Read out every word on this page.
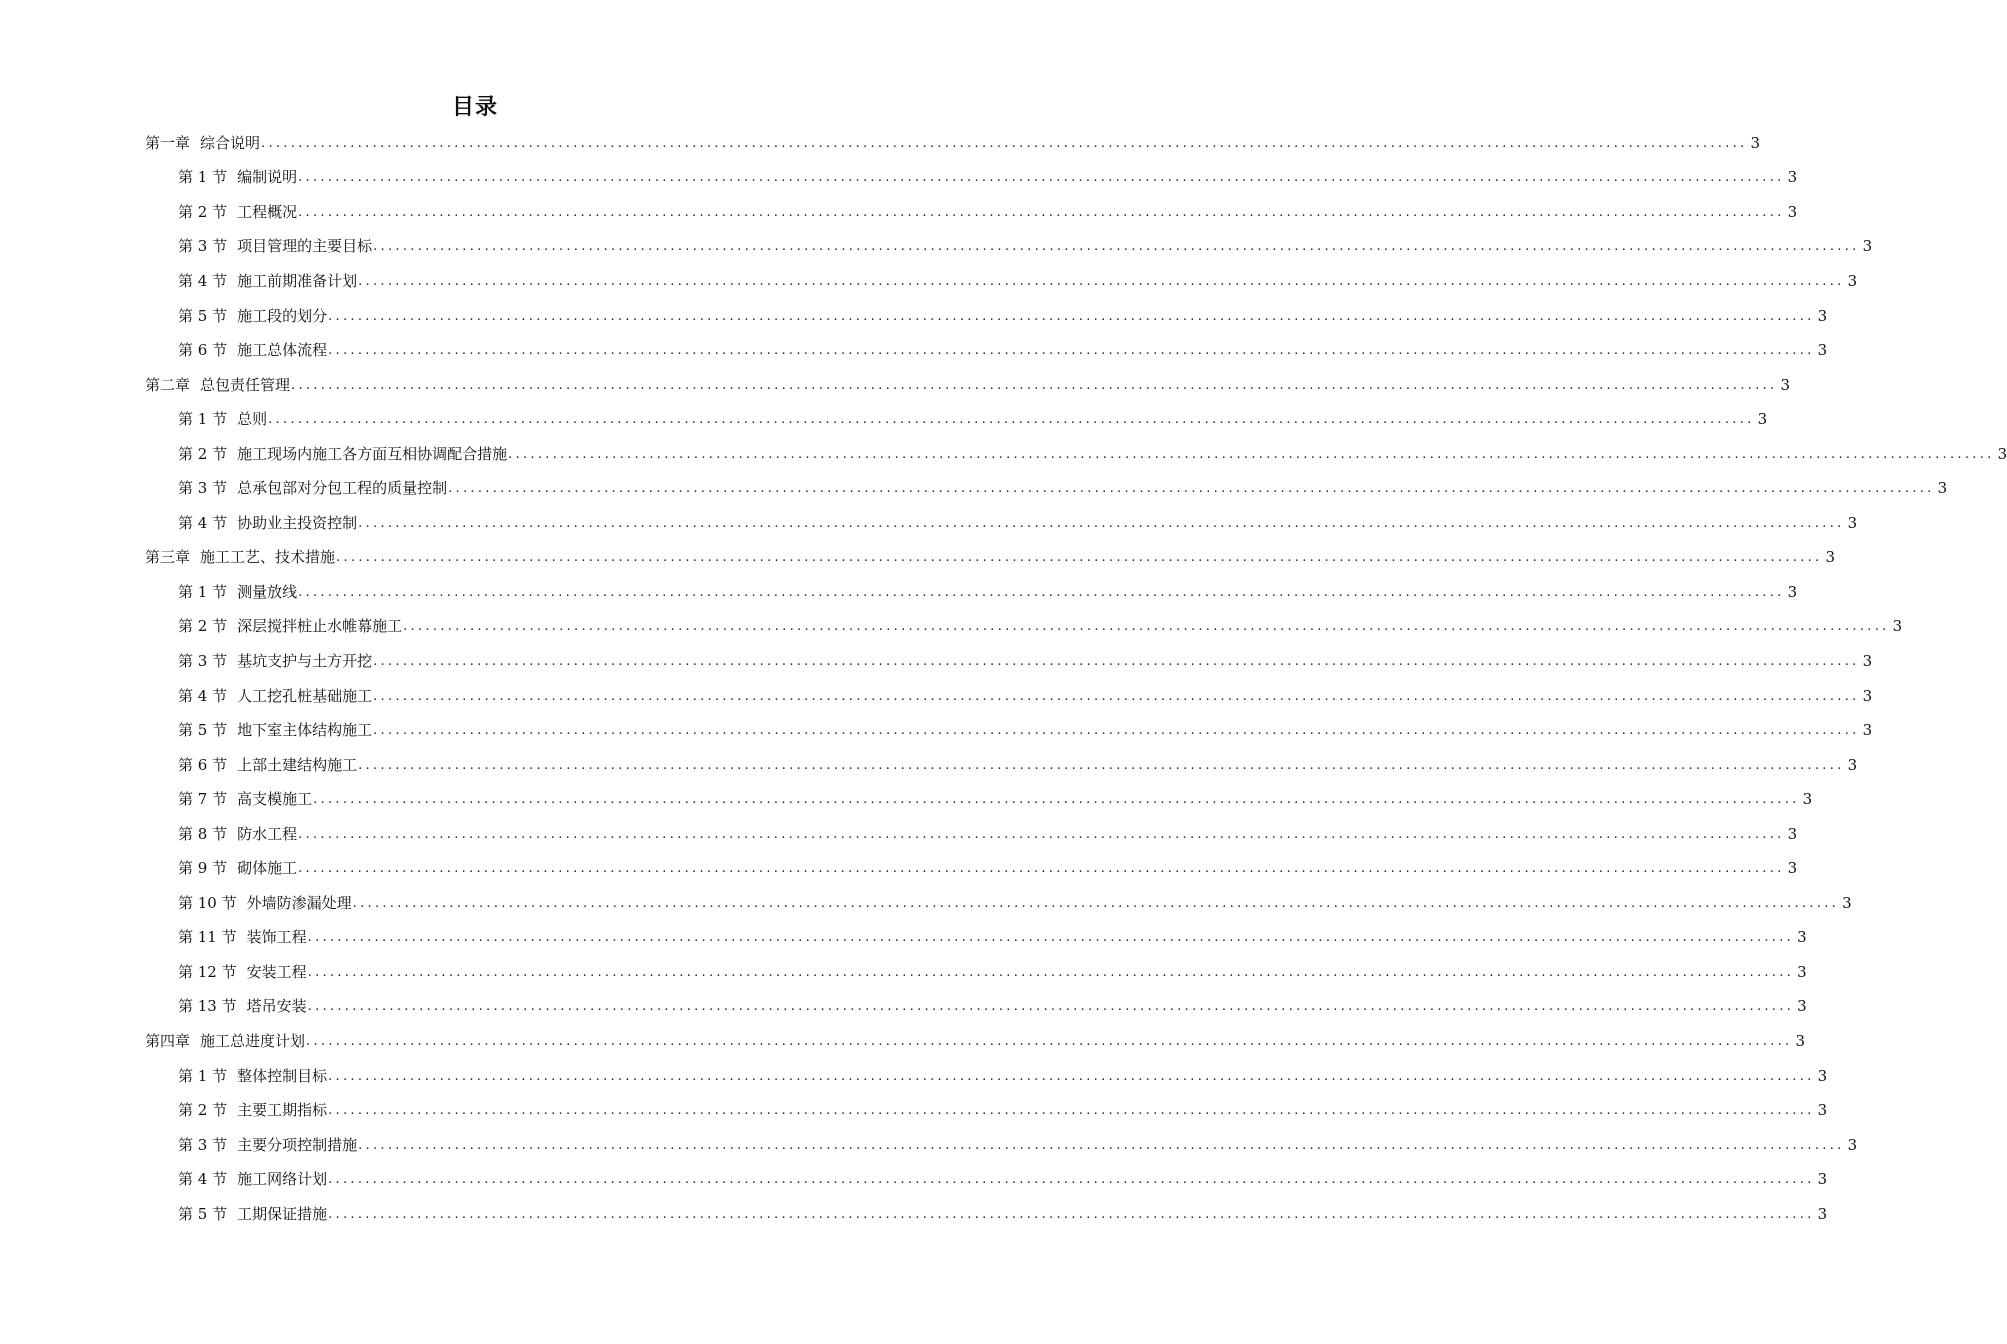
目录
第一章 综合说明 ........................................................................................................................................................................................................ 3
第 1 节 编制说明 ........................................................................................................................................................................................................ 3
第 2 节 工程概况 ........................................................................................................................................................................................................ 3
第 3 节 项目管理的主要目标 ........................................................................................................................................................................................................ 3
第 4 节 施工前期准备计划 ........................................................................................................................................................................................................ 3
第 5 节 施工段的划分 ........................................................................................................................................................................................................ 3
第 6 节 施工总体流程 ........................................................................................................................................................................................................ 3
第二章 总包责任管理 ........................................................................................................................................................................................................ 3
第 1 节 总则 ........................................................................................................................................................................................................ 3
第 2 节 施工现场内施工各方面互相协调配合措施 ........................................................................................................................................................................................................ 3
第 3 节 总承包部对分包工程的质量控制 ........................................................................................................................................................................................................ 3
第 4 节 协助业主投资控制 ........................................................................................................................................................................................................ 3
第三章 施工工艺、技术措施 ........................................................................................................................................................................................................ 3
第 1 节 测量放线 ........................................................................................................................................................................................................ 3
第 2 节 深层搅拌桩止水帷幕施工 ........................................................................................................................................................................................................ 3
第 3 节 基坑支护与土方开挖 ........................................................................................................................................................................................................ 3
第 4 节 人工挖孔桩基础施工 ........................................................................................................................................................................................................ 3
第 5 节 地下室主体结构施工 ........................................................................................................................................................................................................ 3
第 6 节 上部土建结构施工 ........................................................................................................................................................................................................ 3
第 7 节 高支模施工 ........................................................................................................................................................................................................ 3
第 8 节 防水工程 ........................................................................................................................................................................................................ 3
第 9 节 砌体施工 ........................................................................................................................................................................................................ 3
第 10 节 外墙防渗漏处理 ........................................................................................................................................................................................................ 3
第 11 节 装饰工程 ........................................................................................................................................................................................................ 3
第 12 节 安装工程 ........................................................................................................................................................................................................ 3
第 13 节 塔吊安装 ........................................................................................................................................................................................................ 3
第四章 施工总进度计划 ........................................................................................................................................................................................................ 3
第 1 节 整体控制目标 ........................................................................................................................................................................................................ 3
第 2 节 主要工期指标 ........................................................................................................................................................................................................ 3
第 3 节 主要分项控制措施 ........................................................................................................................................................................................................ 3
第 4 节 施工网络计划 ........................................................................................................................................................................................................ 3
第 5 节 工期保证措施 ........................................................................................................................................................................................................ 3
